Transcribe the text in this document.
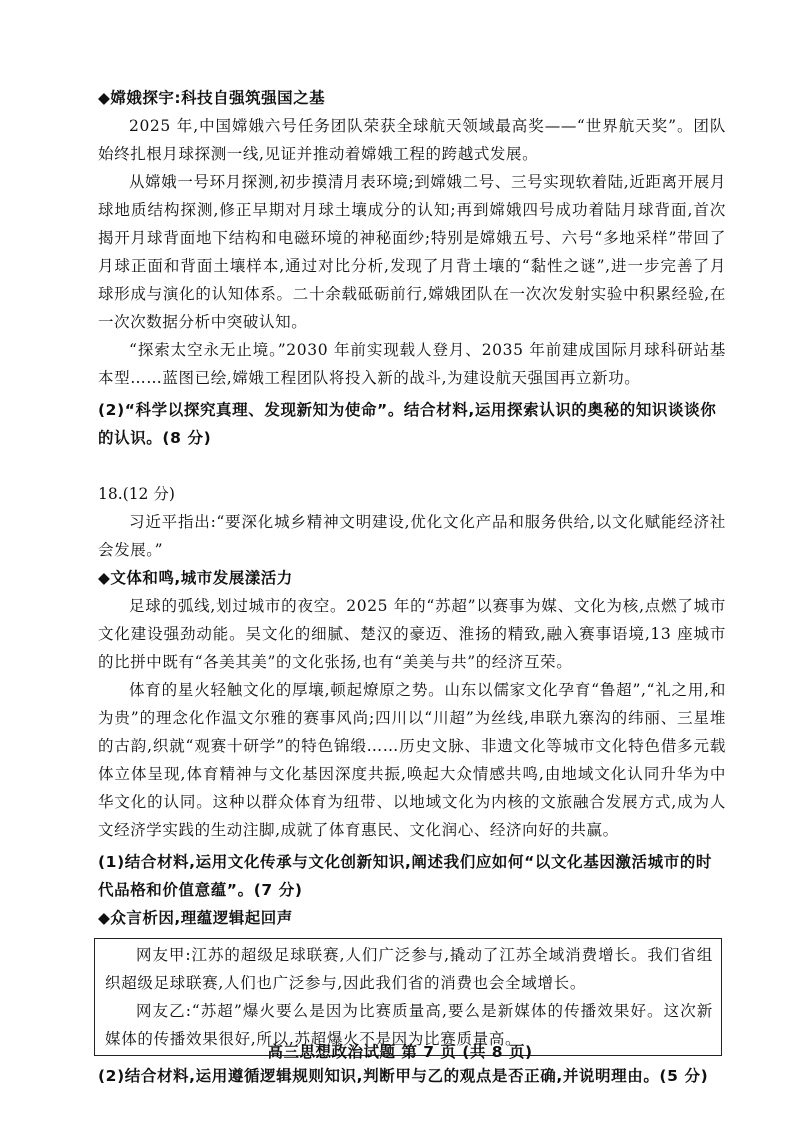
◆嫦娥探宇:科技自强筑强国之基

2025 年,中国嫦娥六号任务团队荣获全球航天领域最高奖——“世界航天奖”。团队始终扎根月球探测一线,见证并推动着嫦娥工程的跨越式发展。

从嫦娥一号环月探测,初步摸清月表环境;到嫦娥二号、三号实现软着陆,近距离开展月球地质结构探测,修正早期对月球土壤成分的认知;再到嫦娥四号成功着陆月球背面,首次揭开月球背面地下结构和电磁环境的神秘面纱;特别是嫦娥五号、六号“多地采样”带回了月球正面和背面土壤样本,通过对比分析,发现了月背土壤的“黏性之谜”,进一步完善了月球形成与演化的认知体系。二十余载砥砺前行,嫦娥团队在一次次发射实验中积累经验,在一次次数据分析中突破认知。

“探索太空永无止境。”2030 年前实现载人登月、2035 年前建成国际月球科研站基本型……蓝图已绘,嫦娥工程团队将投入新的战斗,为建设航天强国再立新功。

(2)“科学以探究真理、发现新知为使命”。结合材料,运用探索认识的奥秘的知识谈谈你的认识。(8 分)

18.(12 分)

习近平指出:“要深化城乡精神文明建设,优化文化产品和服务供给,以文化赋能经济社会发展。”

◆文体和鸣,城市发展漾活力

足球的弧线,划过城市的夜空。2025 年的“苏超”以赛事为媒、文化为核,点燃了城市文化建设强劲动能。吴文化的细腻、楚汉的豪迈、淮扬的精致,融入赛事语境,13 座城市的比拼中既有“各美其美”的文化张扬,也有“美美与共”的经济互荣。

体育的星火轻触文化的厚壤,顿起燎原之势。山东以儒家文化孕育“鲁超”,“礼之用,和为贵”的理念化作温文尔雅的赛事风尚;四川以“川超”为丝线,串联九寨沟的纬丽、三星堆的古韵,织就“观赛十研学”的特色锦缎……历史文脉、非遗文化等城市文化特色借多元载体立体呈现,体育精神与文化基因深度共振,唤起大众情感共鸣,由地域文化认同升华为中华文化的认同。这种以群众体育为纽带、以地域文化为内核的文旅融合发展方式,成为人文经济学实践的生动注脚,成就了体育惠民、文化润心、经济向好的共赢。

(1)结合材料,运用文化传承与文化创新知识,阐述我们应如何“以文化基因激活城市的时代品格和价值意蕴”。(7 分)

◆众言析因,理蕴逻辑起回声

网友甲:江苏的超级足球联赛,人们广泛参与,撬动了江苏全域消费增长。我们省组织超级足球联赛,人们也广泛参与,因此我们省的消费也会全域增长。

网友乙:“苏超”爆火要么是因为比赛质量高,要么是新媒体的传播效果好。这次新媒体的传播效果很好,所以,苏超爆火不是因为比赛质量高。

(2)结合材料,运用遵循逻辑规则知识,判断甲与乙的观点是否正确,并说明理由。(5 分)

高三思想政治试题 第 7 页 (共 8 页)
